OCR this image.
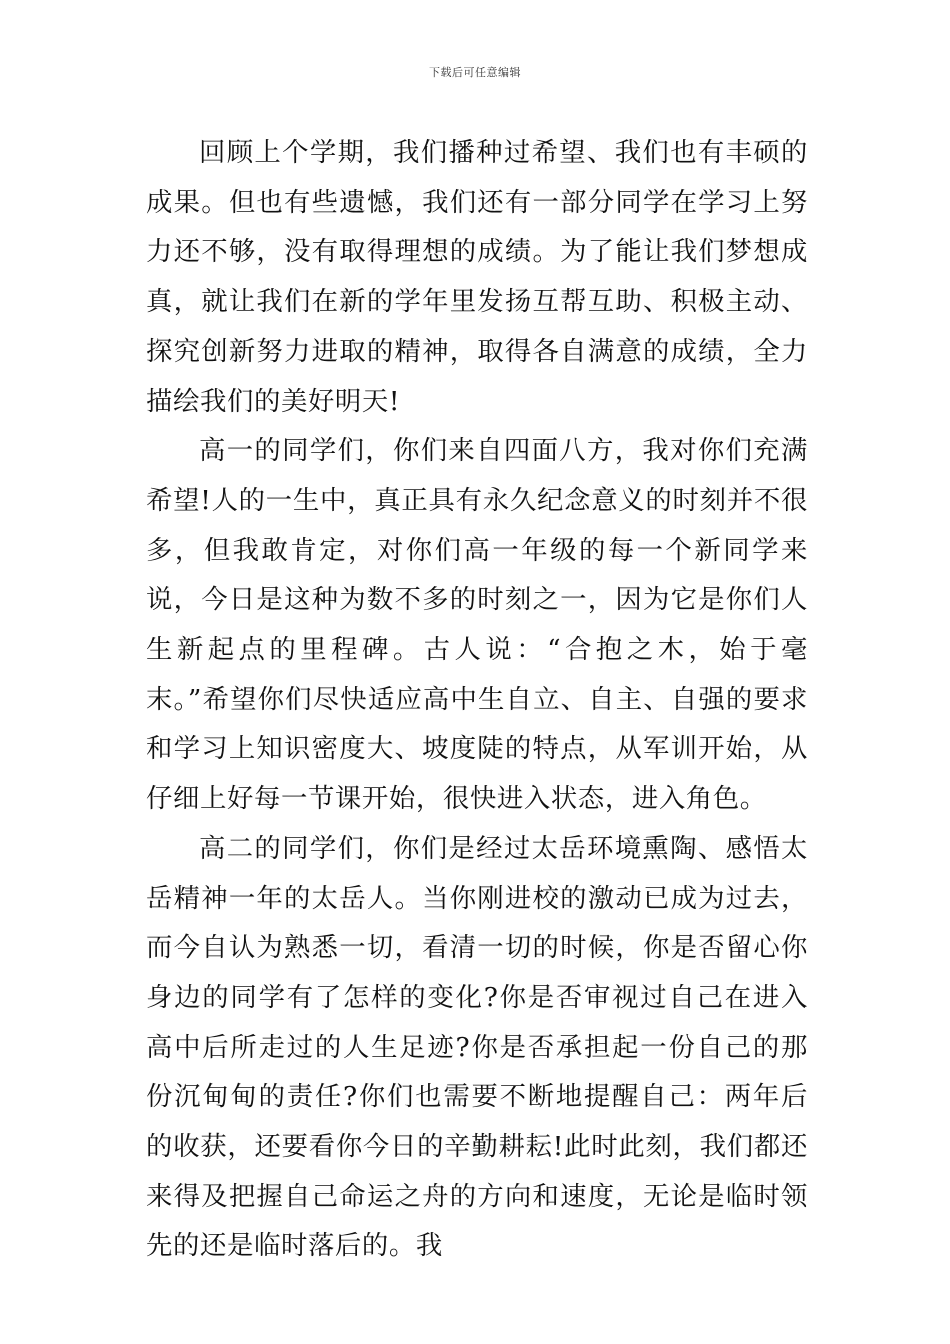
下载后可任意编辑

回顾上个学期，我们播种过希望、我们也有丰硕的成果。但也有些遗憾，我们还有一部分同学在学习上努力还不够，没有取得理想的成绩。为了能让我们梦想成真，就让我们在新的学年里发扬互帮互助、积极主动、探究创新努力进取的精神，取得各自满意的成绩，全力描绘我们的美好明天!

高一的同学们，你们来自四面八方，我对你们充满希望!人的一生中，真正具有永久纪念意义的时刻并不很多，但我敢肯定，对你们高一年级的每一个新同学来说，今日是这种为数不多的时刻之一，因为它是你们人生新起点的里程碑。古人说：“合抱之木，始于毫末。”希望你们尽快适应高中生自立、自主、自强的要求和学习上知识密度大、坡度陡的特点，从军训开始，从仔细上好每一节课开始，很快进入状态，进入角色。

高二的同学们，你们是经过太岳环境熏陶、感悟太岳精神一年的太岳人。当你刚进校的激动已成为过去，而今自认为熟悉一切，看清一切的时候，你是否留心你身边的同学有了怎样的变化?你是否审视过自己在进入高中后所走过的人生足迹?你是否承担起一份自己的那份沉甸甸的责任?你们也需要不断地提醒自己：两年后的收获，还要看你今日的辛勤耕耘!此时此刻，我们都还来得及把握自己命运之舟的方向和速度，无论是临时领先的还是临时落后的。我
